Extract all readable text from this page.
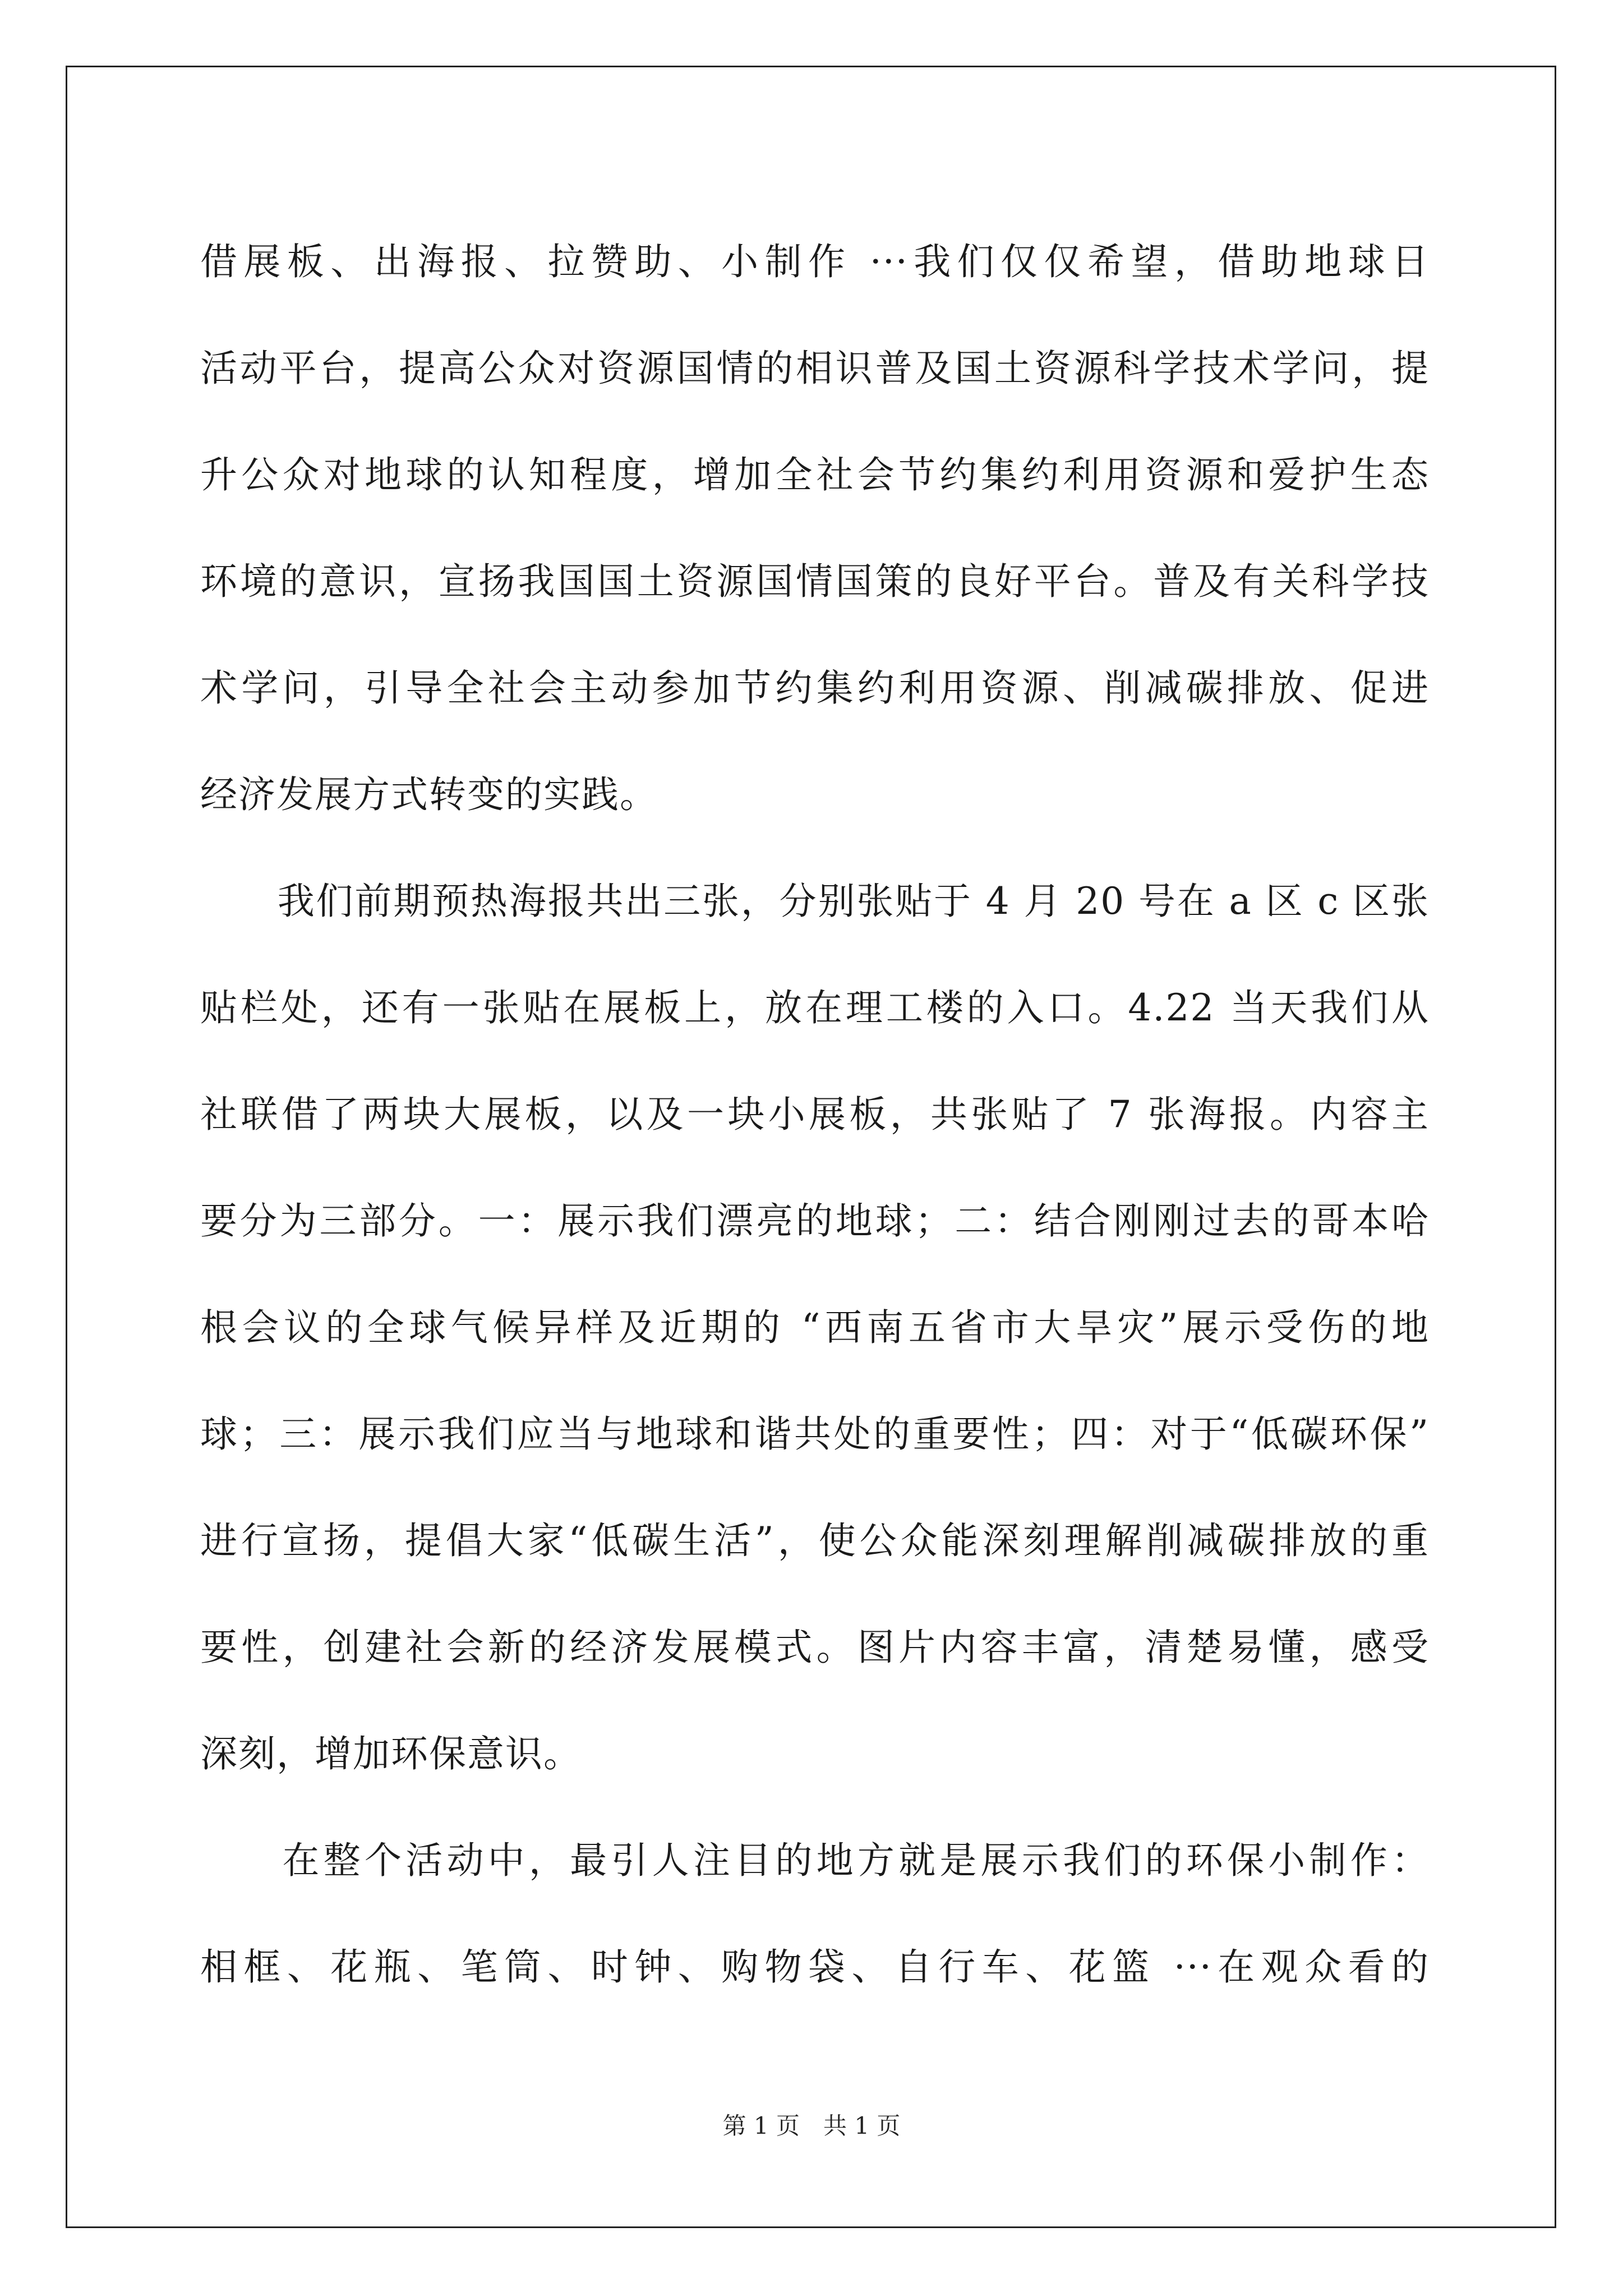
借展板、出海报、拉赞助、小制作 ···我们仅仅希望，借助地球日
活动平台，提高公众对资源国情的相识普及国土资源科学技术学问，提
升公众对地球的认知程度，增加全社会节约集约利用资源和爱护生态
环境的意识，宣扬我国国土资源国情国策的良好平台。普及有关科学技
术学问，引导全社会主动参加节约集约利用资源、削减碳排放、促进
经济发展方式转变的实践。
　　我们前期预热海报共出三张，分别张贴于 4 月 20 号在 a 区 c 区张
贴栏处，还有一张贴在展板上，放在理工楼的入口。4.22 当天我们从
社联借了两块大展板，以及一块小展板，共张贴了 7 张海报。内容主
要分为三部分。一：展示我们漂亮的地球；二：结合刚刚过去的哥本哈
根会议的全球气候异样及近期的 “西南五省市大旱灾”展示受伤的地
球；三：展示我们应当与地球和谐共处的重要性；四：对于“低碳环保”
进行宣扬，提倡大家“低碳生活”，使公众能深刻理解削减碳排放的重
要性，创建社会新的经济发展模式。图片内容丰富，清楚易懂，感受
深刻，增加环保意识。
　　在整个活动中，最引人注目的地方就是展示我们的环保小制作：
相框、花瓶、笔筒、时钟、购物袋、自行车、花篮 ···在观众看的
第 1 页　共 1 页
